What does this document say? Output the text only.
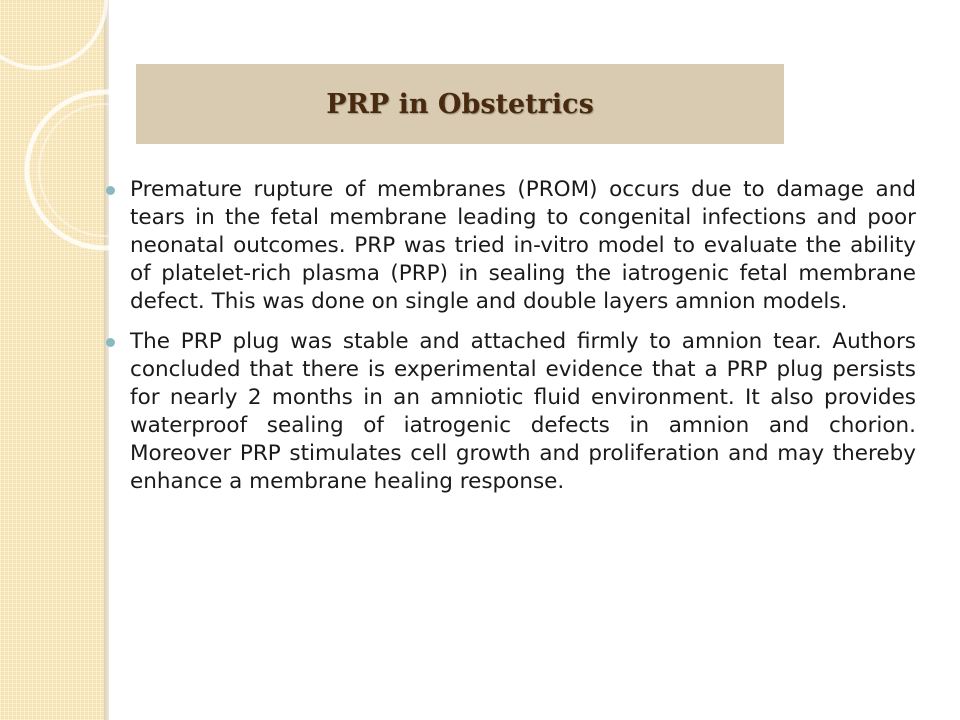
PRP in Obstetrics
Premature rupture of membranes (PROM) occurs due to damage and tears in the fetal membrane leading to congenital infections and poor neonatal outcomes. PRP was tried in-vitro model to evaluate the ability of platelet-rich plasma (PRP) in sealing the iatrogenic fetal membrane defect. This was done on single and double layers amnion models.
The PRP plug was stable and attached firmly to amnion tear. Authors concluded that there is experimental evidence that a PRP plug persists for nearly 2 months in an amniotic fluid environment. It also provides waterproof sealing of iatrogenic defects in amnion and chorion. Moreover PRP stimulates cell growth and proliferation and may thereby enhance a membrane healing response.
